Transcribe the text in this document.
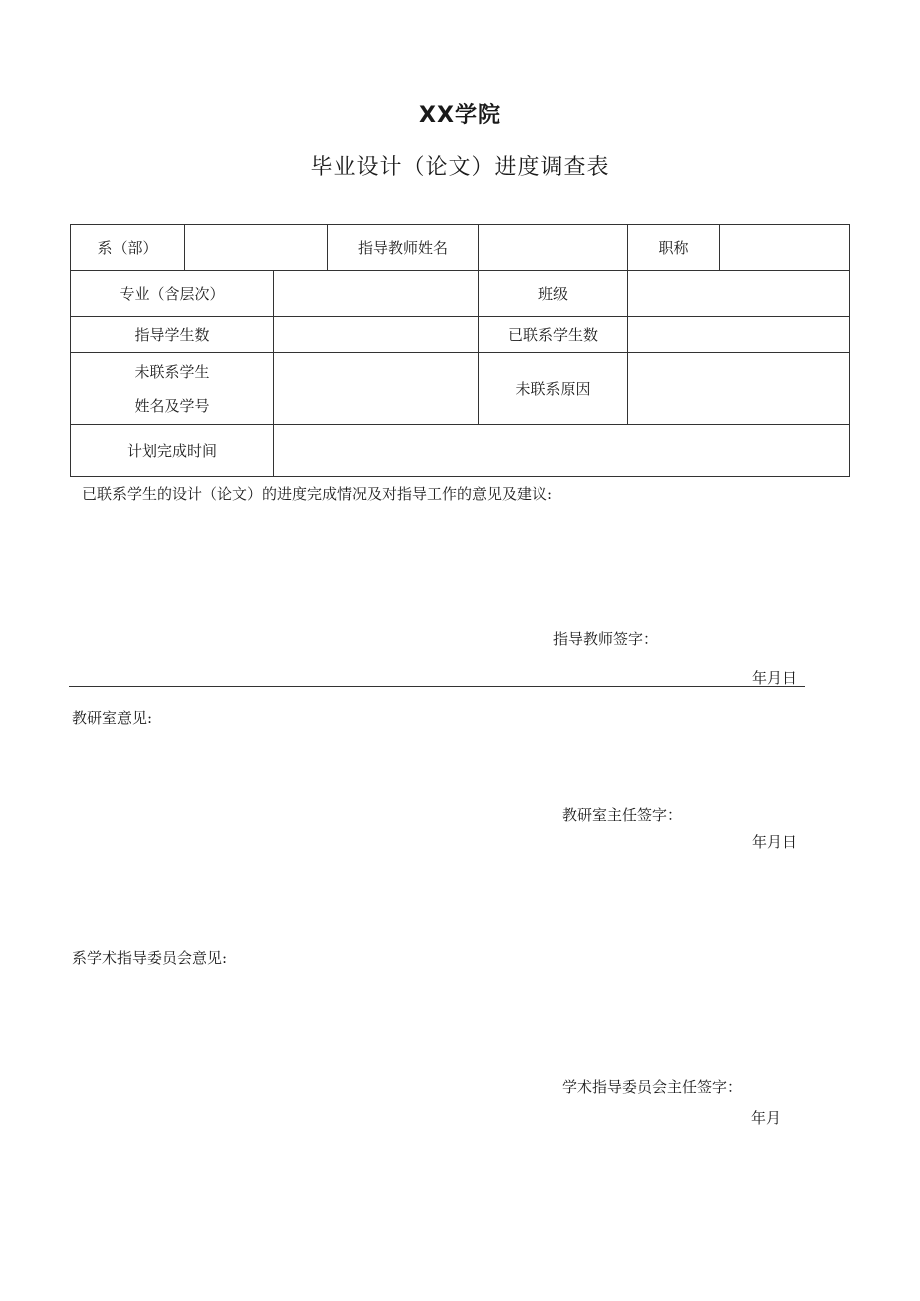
XX学院
毕业设计（论文）进度调查表
系（部）			指导教师姓名		职称	
专业（含层次）				班级		
指导学生数				已联系学生数		

未联系学生
姓名及学号				未联系原因		
计划完成时间						
已联系学生的设计（论文）的进度完成情况及对指导工作的意见及建议:
指导教师签字：
年月日
教研室意见:
教研室主任签字：
年月日
系学术指导委员会意见:
学术指导委员会主任签字：
年月
